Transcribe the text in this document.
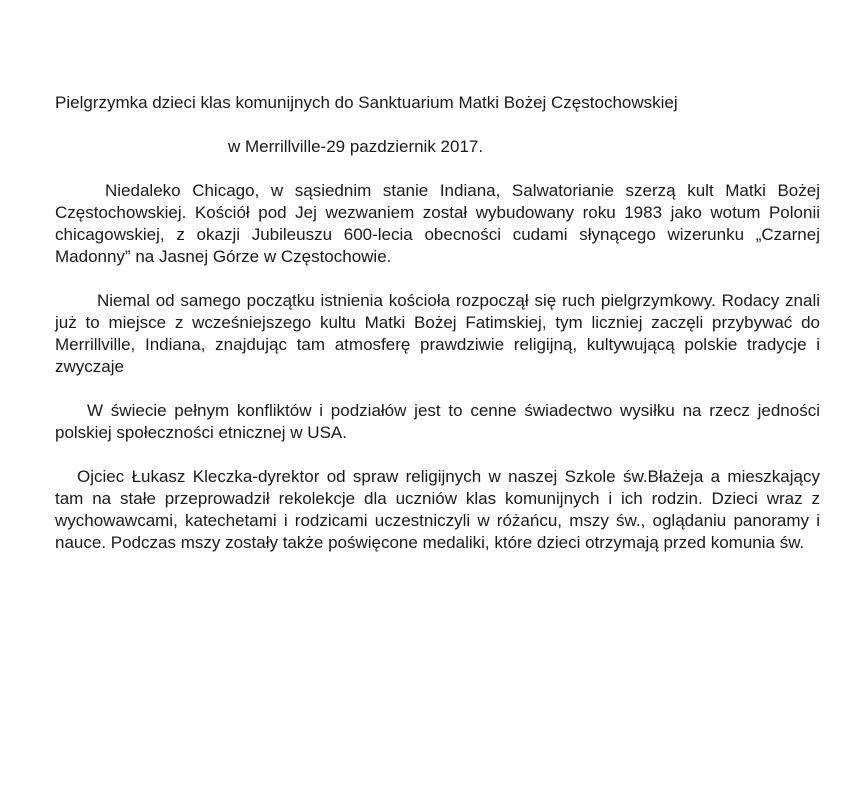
Pielgrzymka dzieci klas komunijnych do Sanktuarium Matki Bożej Częstochowskiej

w Merrillville-29 pazdziernik 2017.

Niedaleko Chicago, w sąsiednim stanie Indiana, Salwatorianie szerzą kult Matki Bożej Częstochowskiej. Kościół pod Jej wezwaniem został wybudowany roku 1983 jako wotum Polonii chicagowskiej, z okazji Jubileuszu 600-lecia obecności cudami słynącego wizerunku „Czarnej Madonny” na Jasnej Górze w Częstochowie.

Niemal od samego początku istnienia kościoła rozpoczął się ruch pielgrzymkowy. Rodacy znali już to miejsce z wcześniejszego kultu Matki Bożej Fatimskiej, tym liczniej zaczęli przybywać do Merrillville, Indiana, znajdując tam atmosferę prawdziwie religijną, kultywującą polskie tradycje i zwyczaje

W świecie pełnym konfliktów i podziałów jest to cenne świadectwo wysiłku na rzecz jedności polskiej społeczności etnicznej w USA.

Ojciec Łukasz Kleczka-dyrektor od spraw religijnych w naszej Szkole św.Błażeja a mieszkający tam na stałe przeprowadził rekolekcje dla uczniów klas komunijnych i ich rodzin. Dzieci wraz z wychowawcami, katechetami i rodzicami uczestniczyli w różańcu, mszy św., oglądaniu panoramy i nauce. Podczas mszy zostały także poświęcone medaliki, które dzieci otrzymają przed komunia św.
